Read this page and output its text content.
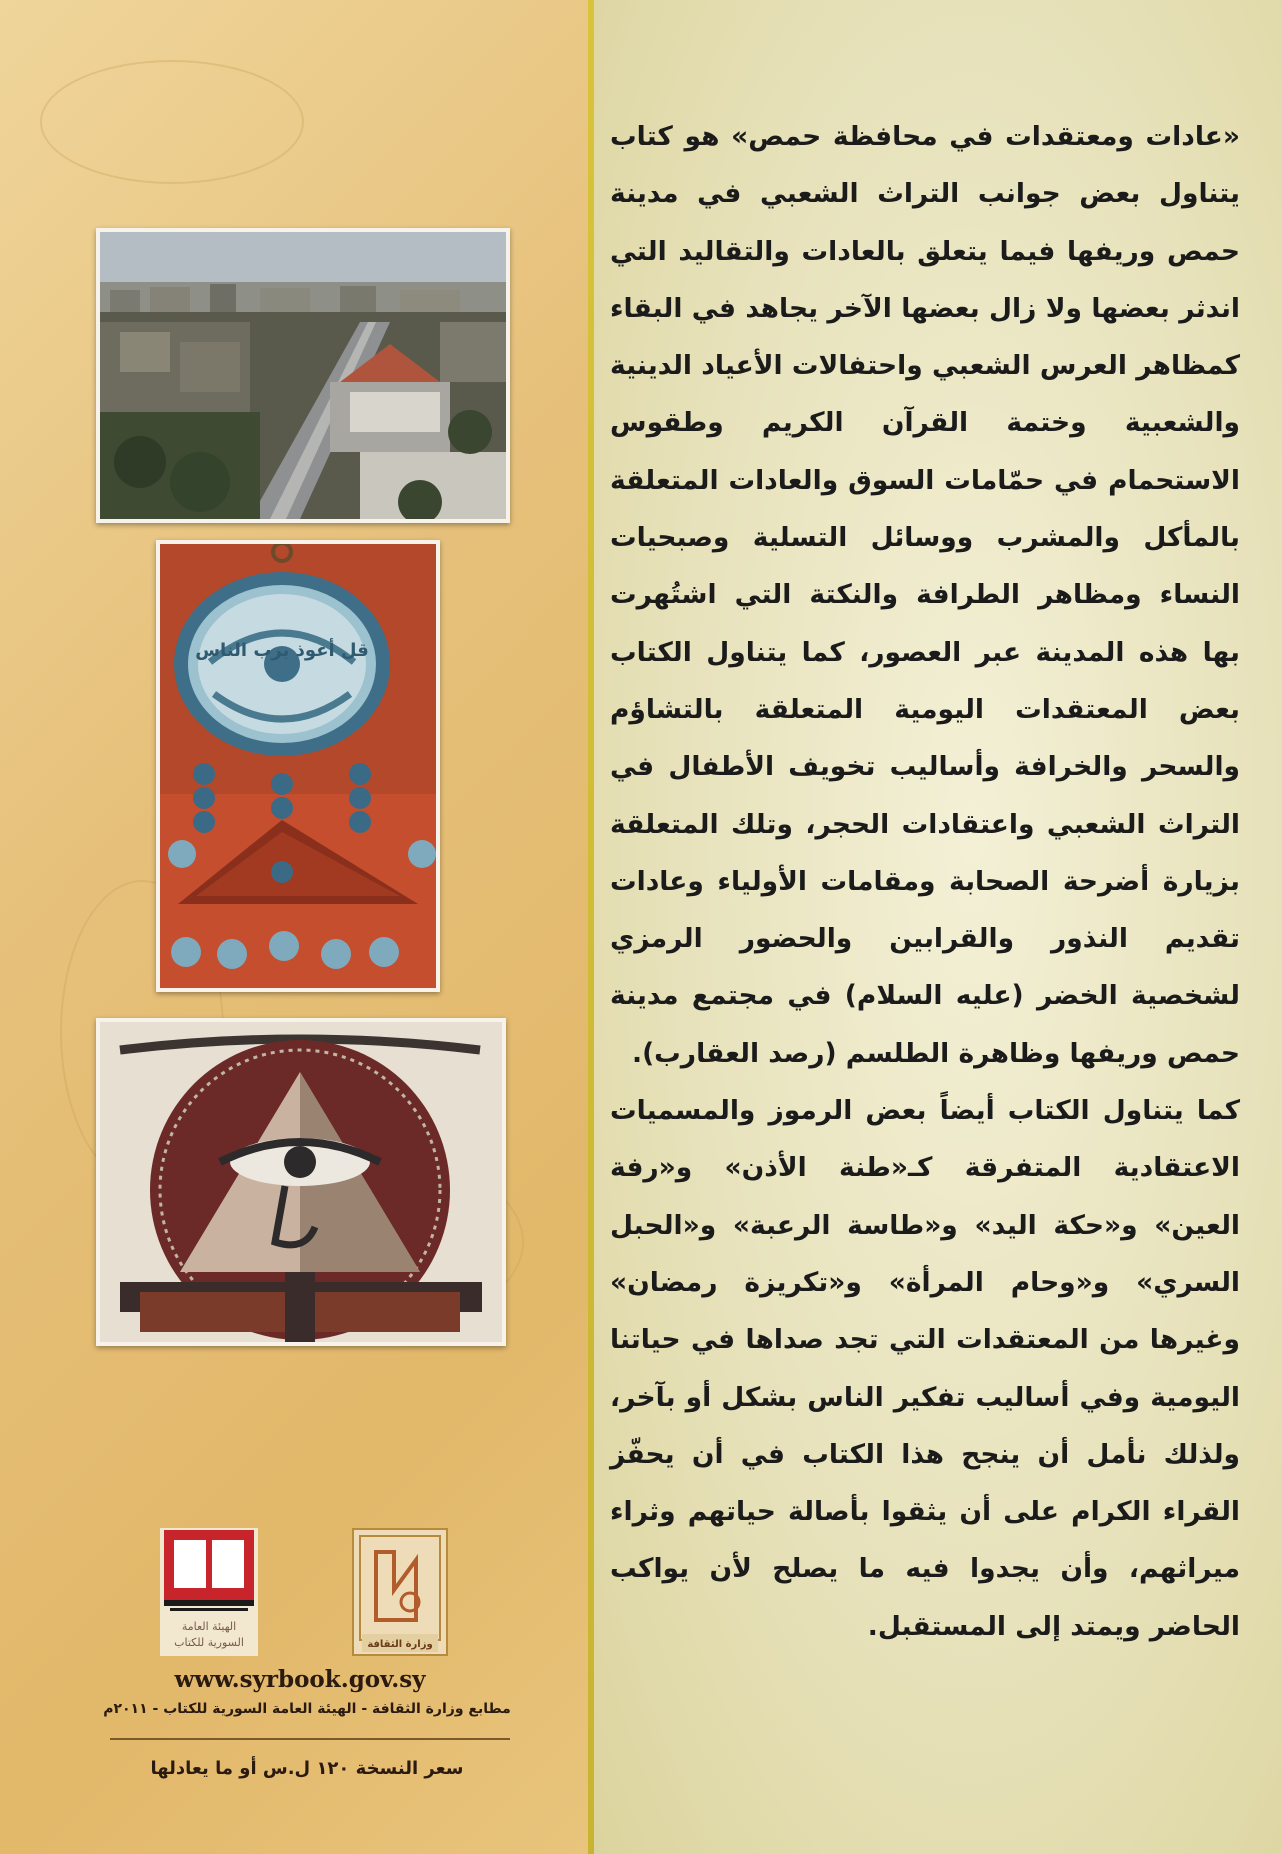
قل أعوذ برب الناس
وزارة الثقافة
الهيئة العامة
السورية للكتاب
www.syrbook.gov.sy
مطابع وزارة الثقافة - الهيئة العامة السورية للكتاب - ٢٠١١م
سعر النسخة ١٢٠ ل.س أو ما يعادلها

«عادات ومعتقدات في محافظة حمص» هو كتاب يتناول بعض جوانب التراث الشعبي في مدينة حمص وريفها فيما يتعلق بالعادات والتقاليد التي اندثر بعضها ولا زال بعضها الآخر يجاهد في البقاء كمظاهر العرس الشعبي واحتفالات الأعياد الدينية والشعبية وختمة القرآن الكريم وطقوس الاستحمام في حمّامات السوق والعادات المتعلقة بالمأكل والمشرب ووسائل التسلية وصبحيات النساء ومظاهر الطرافة والنكتة التي اشتُهرت بها هذه المدينة عبر العصور، كما يتناول الكتاب بعض المعتقدات اليومية المتعلقة بالتشاؤم والسحر والخرافة وأساليب تخويف الأطفال في التراث الشعبي واعتقادات الحجر، وتلك المتعلقة بزيارة أضرحة الصحابة ومقامات الأولياء وعادات تقديم النذور والقرابين والحضور الرمزي لشخصية الخضر (عليه السلام) في مجتمع مدينة حمص وريفها وظاهرة الطلسم (رصد العقارب).

كما يتناول الكتاب أيضاً بعض الرموز والمسميات الاعتقادية المتفرقة كـ«طنة الأذن» و«رفة العين» و«حكة اليد» و«طاسة الرعبة» و«الحبل السري» و«وحام المرأة» و«تكريزة رمضان» وغيرها من المعتقدات التي تجد صداها في حياتنا اليومية وفي أساليب تفكير الناس بشكل أو بآخر، ولذلك نأمل أن ينجح هذا الكتاب في أن يحفّز القراء الكرام على أن يثقوا بأصالة حياتهم وثراء ميراثهم، وأن يجدوا فيه ما يصلح لأن يواكب الحاضر ويمتد إلى المستقبل.
